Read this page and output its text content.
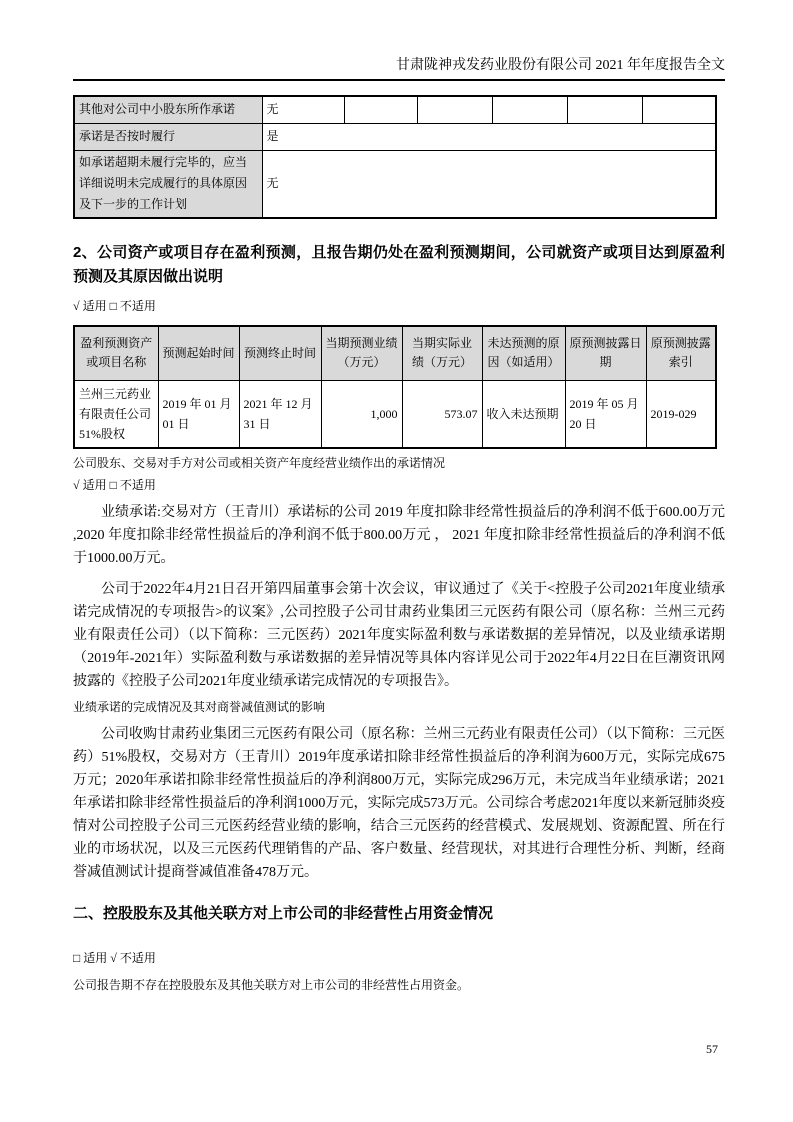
甘肃陇神戎发药业股份有限公司 2021 年年度报告全文
其他对公司中小股东所作承诺	无					
承诺是否按时履行	是					
如承诺超期未履行完毕的，应当详细说明未完成履行的具体原因及下一步的工作计划	无					
2、公司资产或项目存在盈利预测，且报告期仍处在盈利预测期间，公司就资产或项目达到原盈利预测及其原因做出说明
√ 适用 □ 不适用
盈利预测资产或项目名称	预测起始时间	预测终止时间	当期预测业绩（万元）	当期实际业绩（万元）	未达预测的原因（如适用）	原预测披露日期	原预测披露索引
兰州三元药业有限责任公司51%股权	2019 年 01 月 01 日	2021 年 12 月 31 日	1,000	573.07	收入未达预期	2019 年 05 月 20 日	2019-029
公司股东、交易对手方对公司或相关资产年度经营业绩作出的承诺情况
√ 适用 □ 不适用
业绩承诺:交易对方（王青川）承诺标的公司 2019 年度扣除非经常性损益后的净利润不低于600.00万元 ,2020 年度扣除非经常性损益后的净利润不低于800.00万元 ， 2021 年度扣除非经常性损益后的净利润不低于1000.00万元。
公司于2022年4月21日召开第四届董事会第十次会议，审议通过了《关于<控股子公司2021年度业绩承诺完成情况的专项报告>的议案》,公司控股子公司甘肃药业集团三元医药有限公司（原名称：兰州三元药业有限责任公司）（以下简称：三元医药）2021年度实际盈利数与承诺数据的差异情况，以及业绩承诺期（2019年-2021年）实际盈利数与承诺数据的差异情况等具体内容详见公司于2022年4月22日在巨潮资讯网披露的《控股子公司2021年度业绩承诺完成情况的专项报告》。
业绩承诺的完成情况及其对商誉减值测试的影响
公司收购甘肃药业集团三元医药有限公司（原名称：兰州三元药业有限责任公司）（以下简称：三元医药）51%股权，交易对方（王青川）2019年度承诺扣除非经常性损益后的净利润为600万元，实际完成675万元；2020年承诺扣除非经常性损益后的净利润800万元，实际完成296万元，未完成当年业绩承诺；2021年承诺扣除非经常性损益后的净利润1000万元，实际完成573万元。公司综合考虑2021年度以来新冠肺炎疫情对公司控股子公司三元医药经营业绩的影响，结合三元医药的经营模式、发展规划、资源配置、所在行业的市场状况，以及三元医药代理销售的产品、客户数量、经营现状，对其进行合理性分析、判断，经商誉减值测试计提商誉减值准备478万元。
二、控股股东及其他关联方对上市公司的非经营性占用资金情况
□ 适用 √ 不适用
公司报告期不存在控股股东及其他关联方对上市公司的非经营性占用资金。
57
